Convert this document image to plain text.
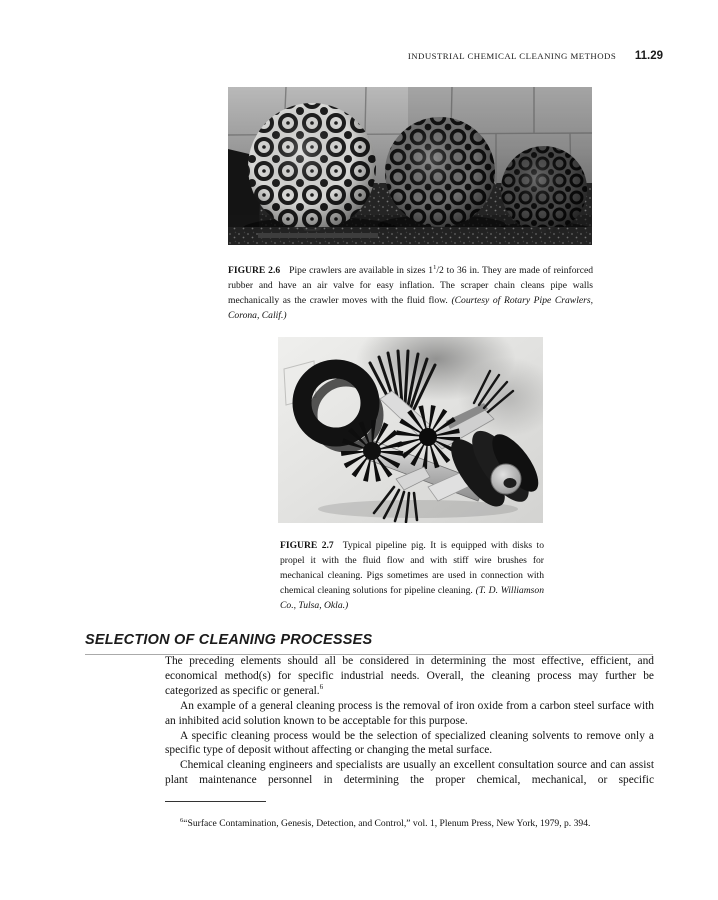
INDUSTRIAL CHEMICAL CLEANING METHODS 11.29

FIGURE 2.6 Pipe crawlers are available in sizes $1^1/2$ to 36 in. They are made of reinforced rubber and have an air valve for easy inflation. The scraper chain cleans pipe walls mechanically as the crawler moves with the fluid flow. (Courtesy of Rotary Pipe Crawlers, Corona, Calif.)

FIGURE 2.7 Typical pipeline pig. It is equipped with disks to propel it with the fluid flow and with stiff wire brushes for mechanical cleaning. Pigs sometimes are used in connection with chemical cleaning solutions for pipeline cleaning. (T. D. Williamson Co., Tulsa, Okla.)

SELECTION OF CLEANING PROCESSES

The preceding elements should all be considered in determining the most effective, efficient, and economical method(s) for specific industrial needs. Overall, the cleaning process may further be categorized as specific or general.$^6$

An example of a general cleaning process is the removal of iron oxide from a carbon steel surface with an inhibited acid solution known to be acceptable for this purpose.

A specific cleaning process would be the selection of specialized cleaning solvents to remove only a specific type of deposit without affecting or changing the metal surface.

Chemical cleaning engineers and specialists are usually an excellent consultation source and can assist plant maintenance personnel in determining the proper chemical, mechanical, or specific

$^6$“Surface Contamination, Genesis, Detection, and Control,” vol. 1, Plenum Press, New York, 1979, p. 394.
